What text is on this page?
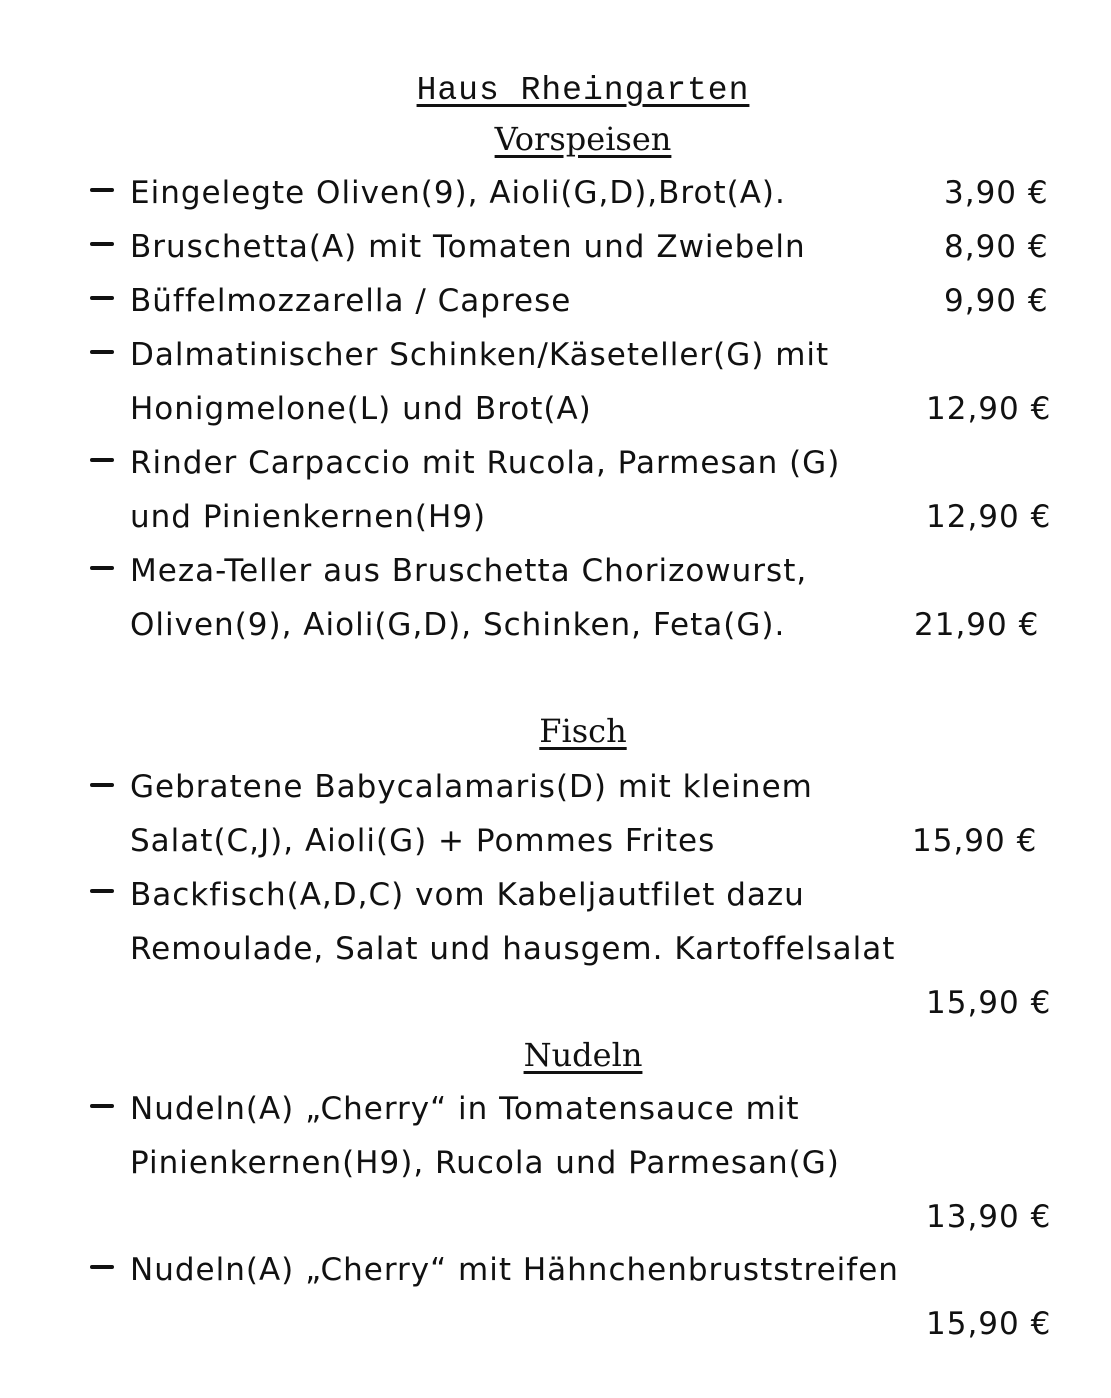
Haus Rheingarten
Vorspeisen
Eingelegte Oliven(9), Aioli(G,D),Brot(A).	3,90 €
Bruschetta(A) mit Tomaten und Zwiebeln	8,90 €
Büffelmozzarella / Caprese	9,90 €
Dalmatinischer Schinken/Käseteller(G) mit
Honigmelone(L) und Brot(A)	12,90 €
Rinder Carpaccio mit Rucola, Parmesan (G)
und Pinienkernen(H9)	12,90 €
Meza-Teller aus Bruschetta Chorizowurst,
Oliven(9), Aioli(G,D), Schinken, Feta(G).	21,90 €
Fisch
Gebratene Babycalamaris(D) mit kleinem
Salat(C,J), Aioli(G) + Pommes Frites	15,90 €
Backfisch(A,D,C) vom Kabeljautfilet dazu
Remoulade, Salat und hausgem. Kartoffelsalat
15,90 €
Nudeln
Nudeln(A) „Cherry“ in Tomatensauce mit
Pinienkernen(H9), Rucola und Parmesan(G)
13,90 €
Nudeln(A) „Cherry“ mit Hähnchenbruststreifen
15,90 €
